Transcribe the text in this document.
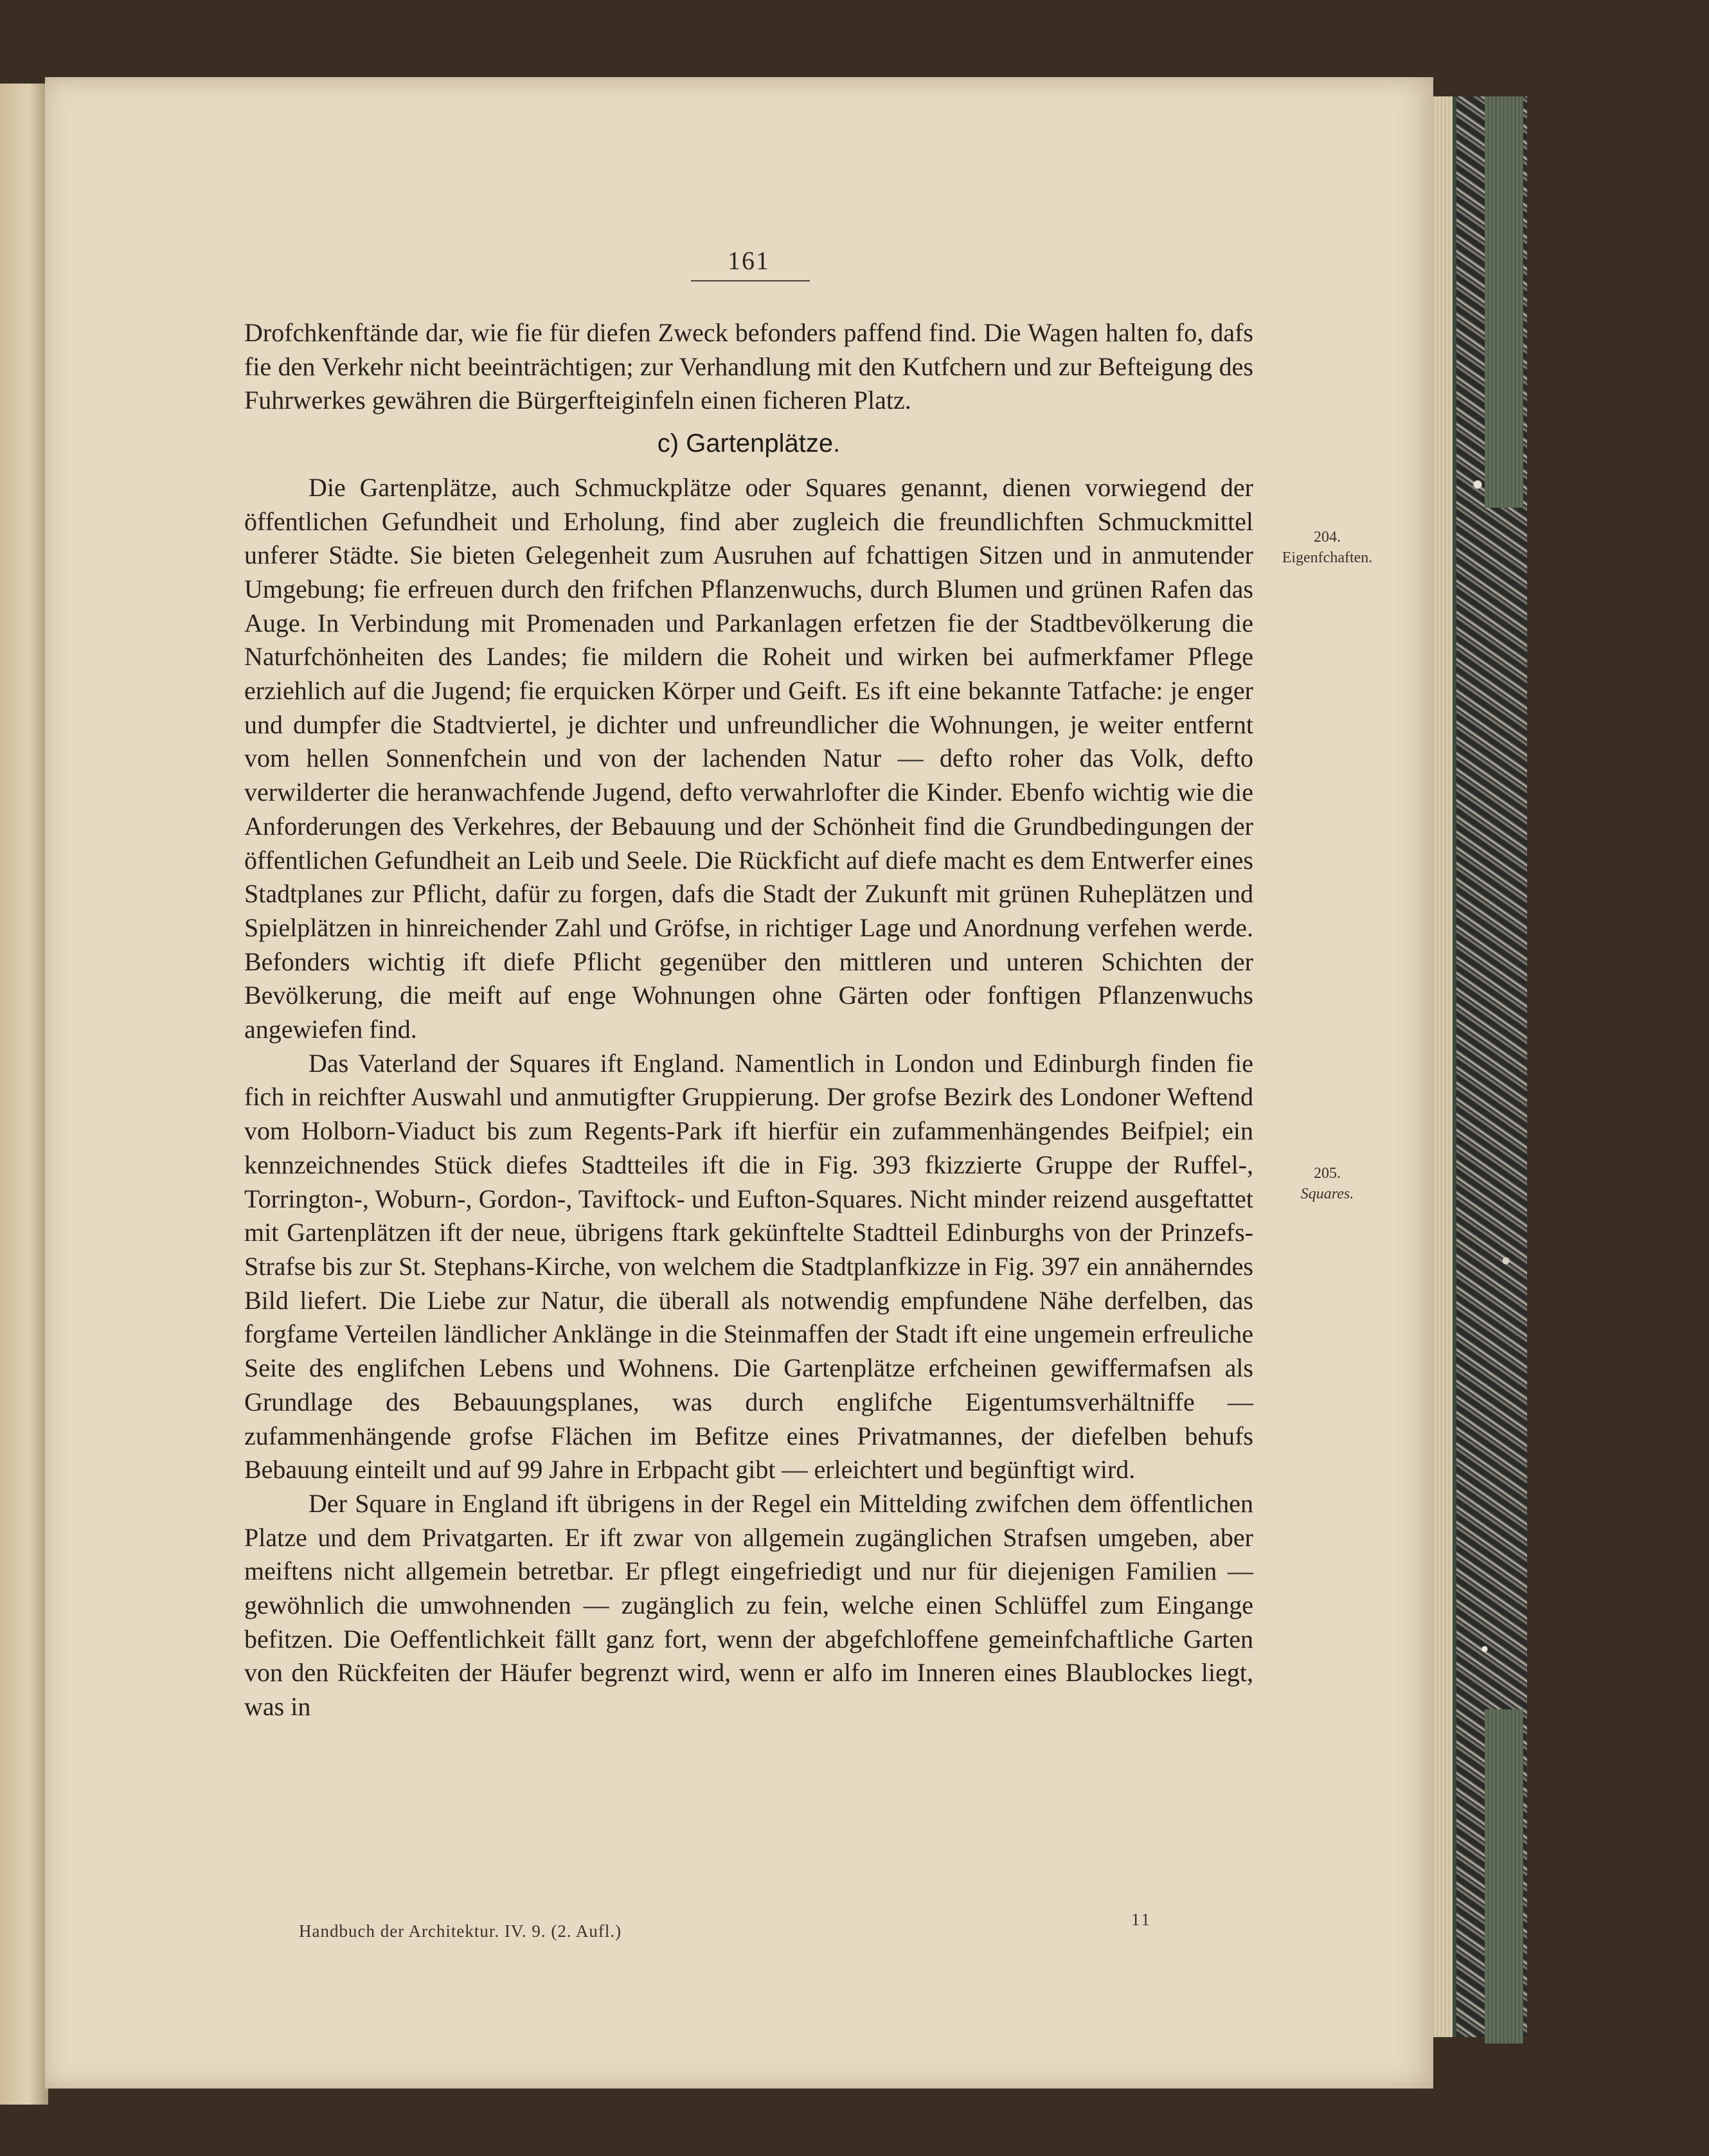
161

Drofchkenftände dar, wie fie für diefen Zweck befonders paffend find. Die Wagen halten fo, dafs fie den Verkehr nicht beeinträchtigen; zur Verhandlung mit den Kutfchern und zur Befteigung des Fuhrwerkes gewähren die Bürgerfteiginfeln einen ficheren Platz.

c) Gartenplätze.

Die Gartenplätze, auch Schmuckplätze oder Squares genannt, dienen vorwiegend der öffentlichen Gefundheit und Erholung, find aber zugleich die freundlichften Schmuckmittel unferer Städte. Sie bieten Gelegenheit zum Ausruhen auf fchattigen Sitzen und in anmutender Umgebung; fie erfreuen durch den frifchen Pflanzenwuchs, durch Blumen und grünen Rafen das Auge. In Verbindung mit Promenaden und Parkanlagen erfetzen fie der Stadtbevölkerung die Naturfchönheiten des Landes; fie mildern die Roheit und wirken bei aufmerkfamer Pflege erziehlich auf die Jugend; fie erquicken Körper und Geift. Es ift eine bekannte Tatfache: je enger und dumpfer die Stadtviertel, je dichter und unfreundlicher die Wohnungen, je weiter entfernt vom hellen Sonnenfchein und von der lachenden Natur — defto roher das Volk, defto verwilderter die heranwachfende Jugend, defto verwahrlofter die Kinder. Ebenfo wichtig wie die Anforderungen des Verkehres, der Bebauung und der Schönheit find die Grundbedingungen der öffentlichen Gefundheit an Leib und Seele. Die Rückficht auf diefe macht es dem Entwerfer eines Stadtplanes zur Pflicht, dafür zu forgen, dafs die Stadt der Zukunft mit grünen Ruheplätzen und Spielplätzen in hinreichender Zahl und Gröfse, in richtiger Lage und Anordnung verfehen werde. Befonders wichtig ift diefe Pflicht gegenüber den mittleren und unteren Schichten der Bevölkerung, die meift auf enge Wohnungen ohne Gärten oder fonftigen Pflanzenwuchs angewiefen find.

Das Vaterland der Squares ift England. Namentlich in London und Edinburgh finden fie fich in reichfter Auswahl und anmutigfter Gruppierung. Der grofse Bezirk des Londoner Weftend vom Holborn-Viaduct bis zum Regents-Park ift hierfür ein zufammenhängendes Beifpiel; ein kennzeichnendes Stück diefes Stadtteiles ift die in Fig. 393 fkizzierte Gruppe der Ruffel-, Torrington-, Woburn-, Gordon-, Taviftock- und Eufton-Squares. Nicht minder reizend ausgeftattet mit Gartenplätzen ift der neue, übrigens ftark gekünftelte Stadtteil Edinburghs von der Prinzefs-Strafse bis zur St. Stephans-Kirche, von welchem die Stadtplanfkizze in Fig. 397 ein annäherndes Bild liefert. Die Liebe zur Natur, die überall als notwendig empfundene Nähe derfelben, das forgfame Verteilen ländlicher Anklänge in die Steinmaffen der Stadt ift eine ungemein erfreuliche Seite des englifchen Lebens und Wohnens. Die Gartenplätze erfcheinen gewiffermafsen als Grundlage des Bebauungsplanes, was durch englifche Eigentumsverhältniffe — zufammenhängende grofse Flächen im Befitze eines Privatmannes, der diefelben behufs Bebauung einteilt und auf 99 Jahre in Erbpacht gibt — erleichtert und begünftigt wird.

Der Square in England ift übrigens in der Regel ein Mittelding zwifchen dem öffentlichen Platze und dem Privatgarten. Er ift zwar von allgemein zugänglichen Strafsen umgeben, aber meiftens nicht allgemein betretbar. Er pflegt eingefriedigt und nur für diejenigen Familien — gewöhnlich die umwohnenden — zugänglich zu fein, welche einen Schlüffel zum Eingange befitzen. Die Oeffentlichkeit fällt ganz fort, wenn der abgefchloffene gemeinfchaftliche Garten von den Rückfeiten der Häufer begrenzt wird, wenn er alfo im Inneren eines Blaublockes liegt, was in

204.
Eigenfchaften.
205.
Squares.
Handbuch der Architektur. IV. 9. (2. Aufl.)
11
